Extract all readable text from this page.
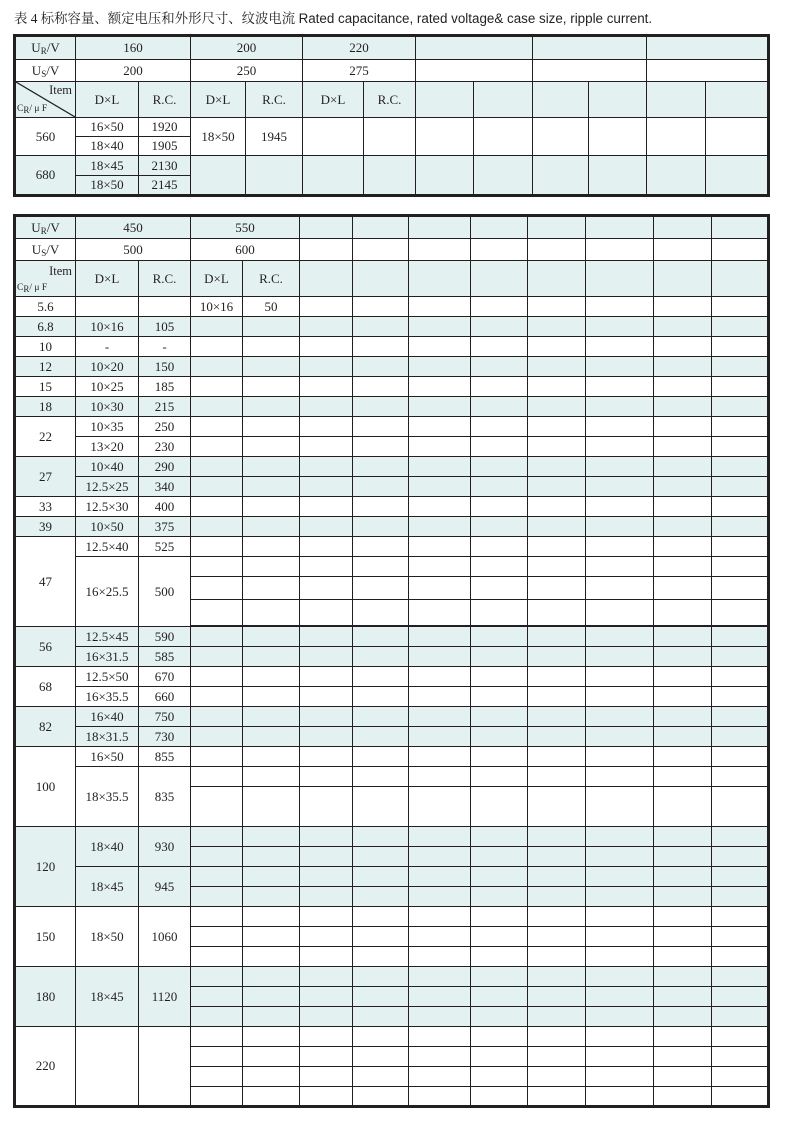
表 4 标称容量、额定电压和外形尺寸、纹波电流 Rated capacitance, rated voltage& case size, ripple current.
$U_R/V$	160		200		220							
$U_S/V$	200		250		275							

Item
$C_R/$ μ F	D×L	R.C.	D×L	R.C.	D×L	R.C.						
560	16×50	1920	18×50	1945								
	18×40	1905										
680	18×45	2130										
	18×50	2145										
$U_R/V$	450		550									
$U_S/V$	500		600									

Item
$C_R/$ μ F	D×L	R.C.	D×L	R.C.								
5.6			10×16	50								
6.8	10×16	105										
10	-	-										
12	10×20	150										
15	10×25	185										
18	10×30	215										
22	10×35	250										
	13×20	230										
27	10×40	290										
	12.5×25	340										
33	12.5×30	400										
39	10×50	375										
47	12.5×40	525										
	16×25.5	500										

56	12.5×45	590										
	16×31.5	585										
68	12.5×50	670										
	16×35.5	660										
82	16×40	750										
	18×31.5	730										
100	16×50	855										
	18×35.5	835										

120	18×40	930										

	18×45	945										

150	18×50	1060										

180	18×45	1120										

220												
